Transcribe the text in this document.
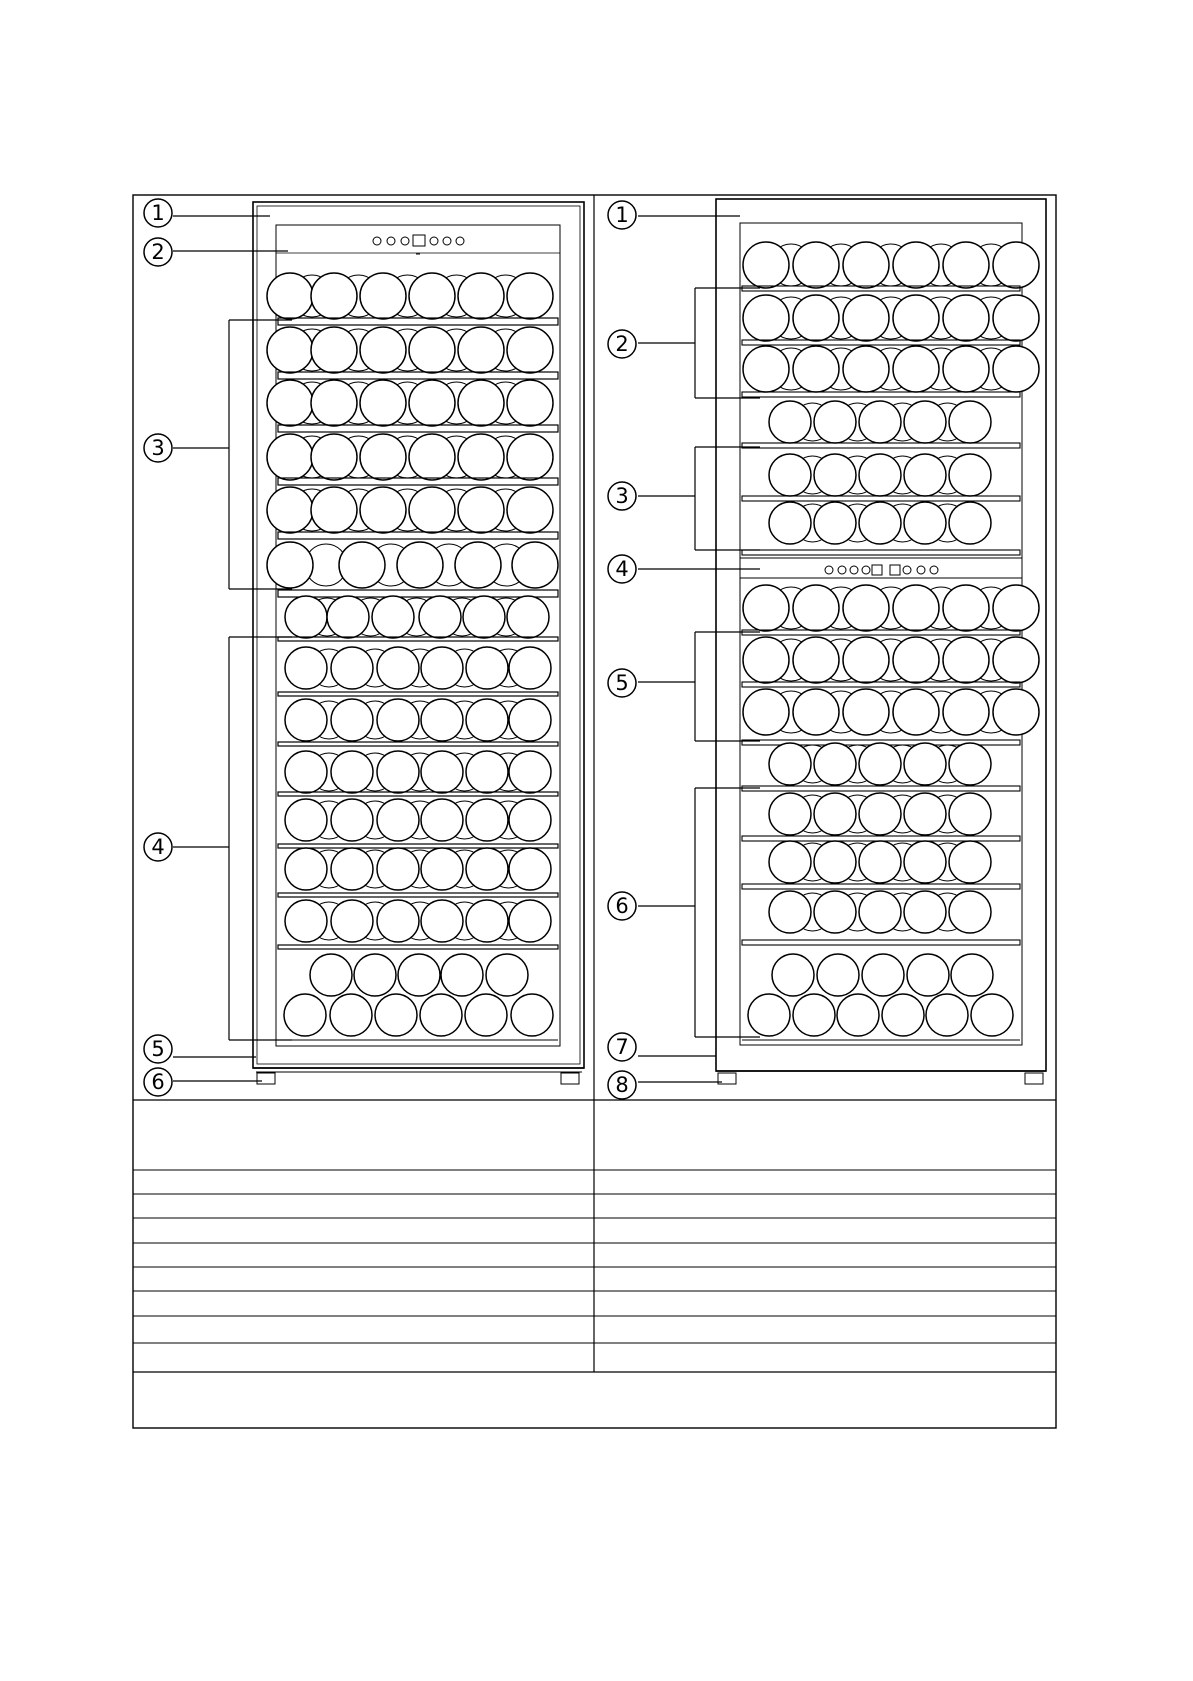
1
2
3
4
5
6
1
2
3
4
5
6
7
8
